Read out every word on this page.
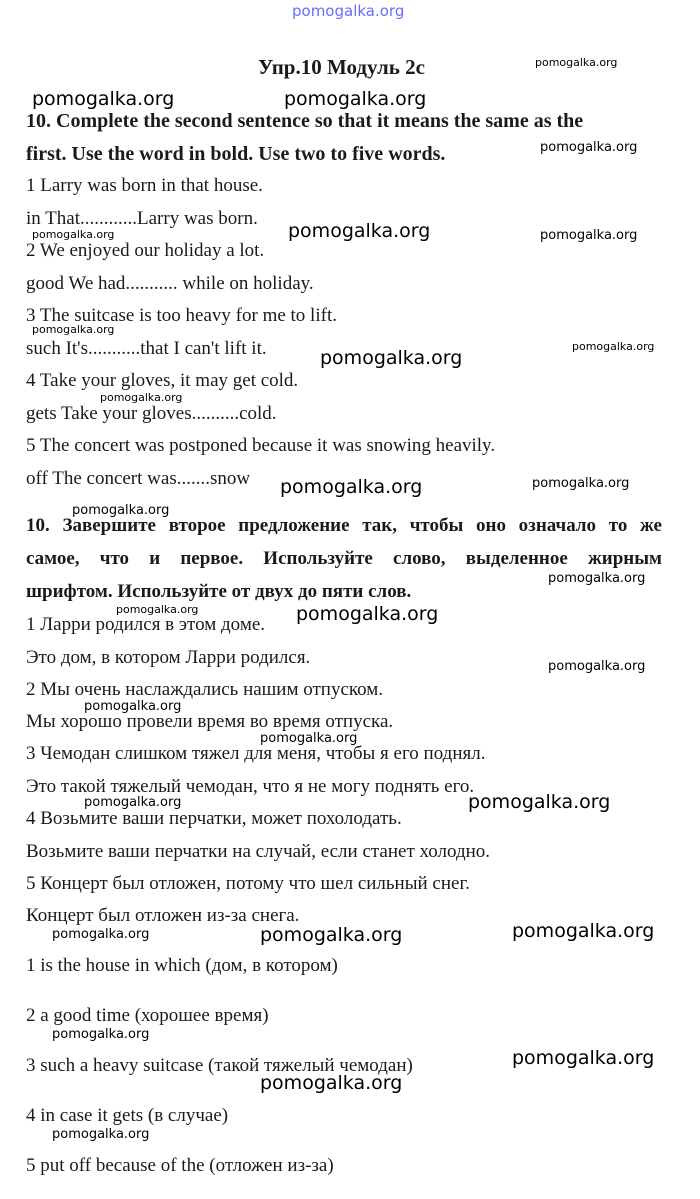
pomogalka.org
Упр.10 Модуль 2c
10. Complete the second sentence so that it means the same as the
first. Use the word in bold. Use two to five words.
1 Larry was born in that house.
in That............Larry was born.
2 We enjoyed our holiday a lot.
good We had........... while on holiday.
3 The suitcase is too heavy for me to lift.
such It's...........that I can't lift it.
4 Take your gloves, it may get cold.
gets Take your gloves..........cold.
5 The concert was postponed because it was snowing heavily.
off The concert was.......snow
10. Завершите второе предложение так, чтобы оно означало то же
самое, что и первое. Используйте слово, выделенное жирным
шрифтом. Используйте от двух до пяти слов.
1 Ларри родился в этом доме.
Это дом, в котором Ларри родился.
2 Мы очень наслаждались нашим отпуском.
Мы хорошо провели время во время отпуска.
3 Чемодан слишком тяжел для меня, чтобы я его поднял.
Это такой тяжелый чемодан, что я не могу поднять его.
4 Возьмите ваши перчатки, может похолодать.
Возьмите ваши перчатки на случай, если станет холодно.
5 Концерт был отложен, потому что шел сильный снег.
Концерт был отложен из-за снега.
1 is the house in which (дом, в котором)
2 a good time (хорошее время)
3 such a heavy suitcase (такой тяжелый чемодан)
4 in case it gets (в случае)
5 put off because of the (отложен из-за)
pomogalka.org
pomogalka.org	pomogalka.org
pomogalka.org
pomogalka.org
pomogalka.org	pomogalka.org
pomogalka.org
pomogalka.org
pomogalka.org
pomogalka.org
pomogalka.org	pomogalka.org
pomogalka.org
pomogalka.org
pomogalka.org	pomogalka.org
pomogalka.org
pomogalka.org
pomogalka.org
pomogalka.org	pomogalka.org
pomogalka.org	pomogalka.org	pomogalka.org
pomogalka.org
pomogalka.org
pomogalka.org
pomogalka.org
